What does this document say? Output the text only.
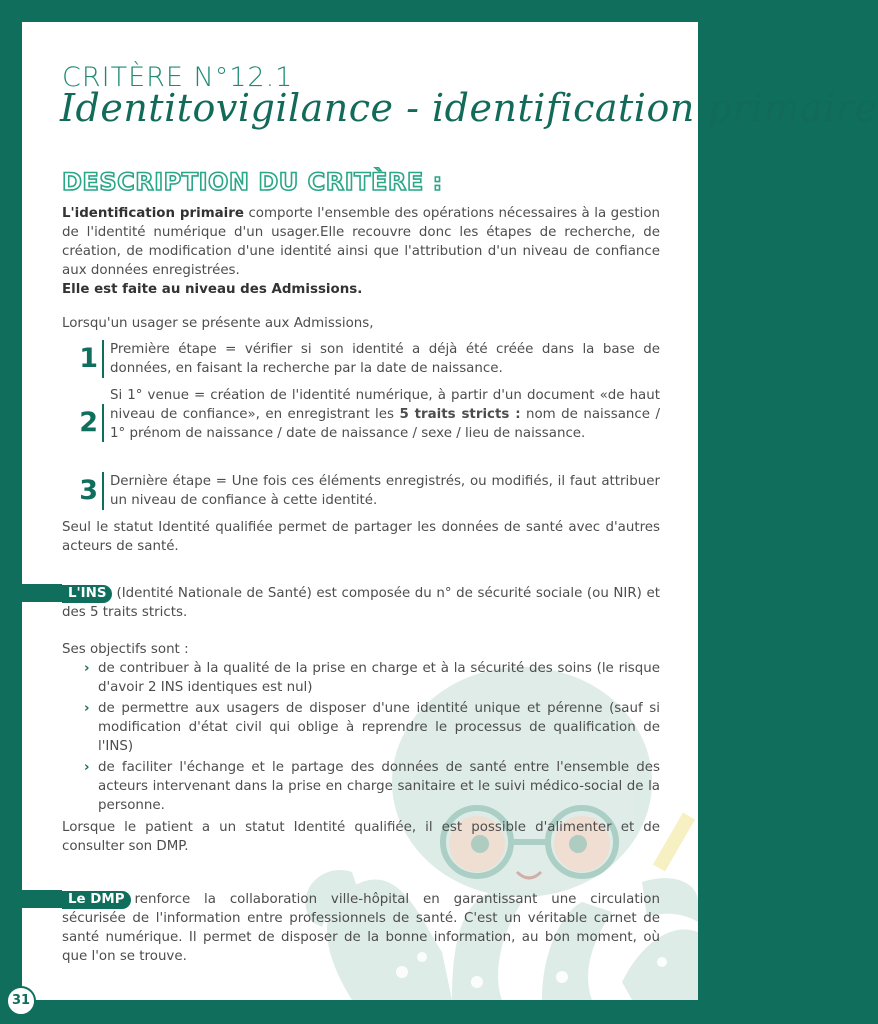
CRITÈRE N°12.1
Identitovigilance - identification primaire
DESCRIPTION DU CRITÈRE :
L'identification primaire comporte l'ensemble des opérations nécessaires à la gestion de l'identité numérique d'un usager.Elle recouvre donc les étapes de recherche, de création, de modification d'une identité ainsi que l'attribution d'un niveau de confiance aux données enregistrées.
Elle est faite au niveau des Admissions.
Lorsqu'un usager se présente aux Admissions,
1 Première étape = vérifier si son identité a déjà été créée dans la base de données, en faisant la recherche par la date de naissance.
2
Si 1° venue = création de l'identité numérique, à partir d'un document «de haut niveau de confiance», en enregistrant les 5 traits stricts : nom de naissance / 1° prénom de naissance / date de naissance / sexe / lieu de naissance.
3 Dernière étape = Une fois ces éléments enregistrés, ou modifiés, il faut attribuer un niveau de confiance à cette identité.
Seul le statut Identité qualifiée permet de partager les données de santé avec d'autres acteurs de santé.
L'INS (Identité Nationale de Santé) est composée du n° de sécurité sociale (ou NIR) et des 5 traits stricts.
Ses objectifs sont :
› de contribuer à la qualité de la prise en charge et à la sécurité des soins (le risque d'avoir 2 INS identiques est nul)
› de permettre aux usagers de disposer d'une identité unique et pérenne (sauf si modification d'état civil qui oblige à reprendre le processus de qualification de l'INS)
› de faciliter l'échange et le partage des données de santé entre l'ensemble des acteurs intervenant dans la prise en charge sanitaire et le suivi médico-social de la personne.
Lorsque le patient a un statut Identité qualifiée, il est possible d'alimenter et de consulter son DMP.
Le DMP renforce la collaboration ville-hôpital en garantissant une circulation sécurisée de l'information entre professionnels de santé. C'est un véritable carnet de santé numérique. Il permet de disposer de la bonne information, au bon moment, où que l'on se trouve.
31
